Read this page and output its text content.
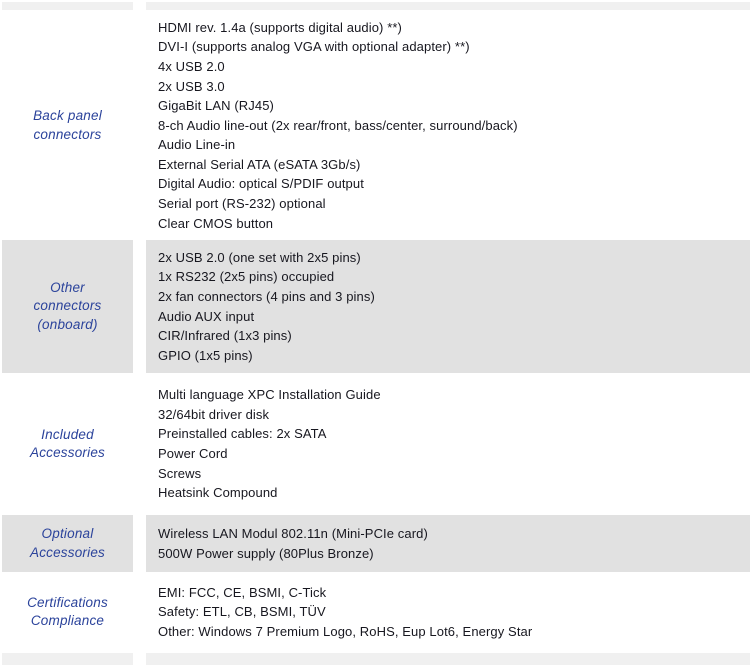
Back panel connectors
HDMI rev. 1.4a (supports digital audio) **)
DVI-I (supports analog VGA with optional adapter) **)
4x USB 2.0
2x USB 3.0
GigaBit LAN (RJ45)
8-ch Audio line-out (2x rear/front, bass/center, surround/back)
Audio Line-in
External Serial ATA (eSATA 3Gb/s)
Digital Audio: optical S/PDIF output
Serial port (RS-232) optional
Clear CMOS button
Other connectors (onboard)
2x USB 2.0 (one set with 2x5 pins)
1x RS232 (2x5 pins) occupied
2x fan connectors (4 pins and 3 pins)
Audio AUX input
CIR/Infrared (1x3 pins)
GPIO (1x5 pins)
Included Accessories
Multi language XPC Installation Guide
32/64bit driver disk
Preinstalled cables: 2x SATA
Power Cord
Screws
Heatsink Compound
Optional Accessories
Wireless LAN Modul 802.11n (Mini-PCIe card)
500W Power supply (80Plus Bronze)
Certifications Compliance
EMI: FCC, CE, BSMI, C-Tick
Safety: ETL, CB, BSMI, TÜV
Other: Windows 7 Premium Logo, RoHS, Eup Lot6, Energy Star
